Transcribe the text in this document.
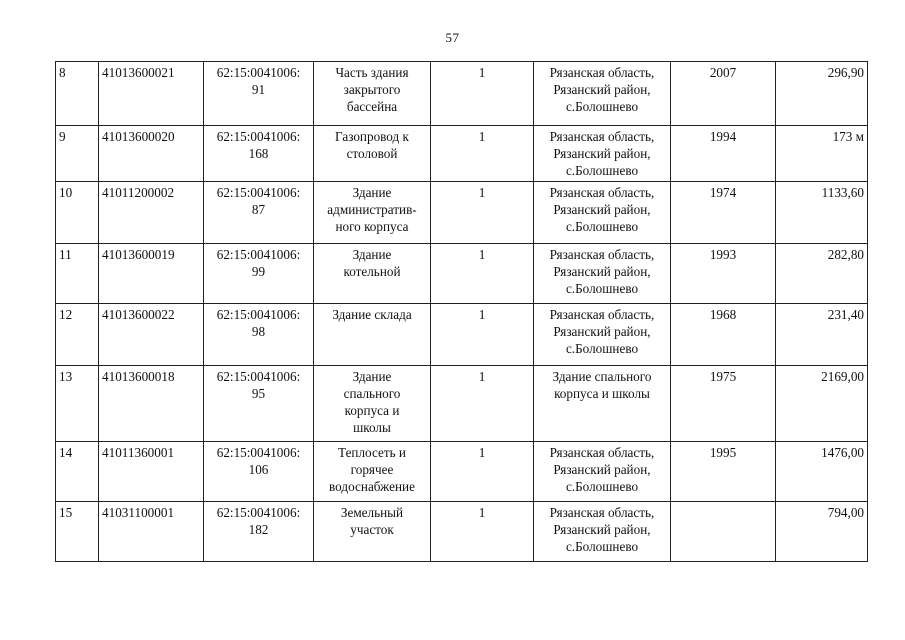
57
8	41013600021	62:15:0041006:
91	Часть здания
закрытого
бассейна	1	Рязанская область,
Рязанский район,
с.Болошнево	2007	296,90
9	41013600020	62:15:0041006:
168	Газопровод к
столовой	1	Рязанская область,
Рязанский район,
с.Болошнево	1994	173 м
10	41011200002	62:15:0041006:
87	Здание
административ-
ного корпуса	1	Рязанская область,
Рязанский район,
с.Болошнево	1974	1133,60
11	41013600019	62:15:0041006:
99	Здание
котельной	1	Рязанская область,
Рязанский район,
с.Болошнево	1993	282,80
12	41013600022	62:15:0041006:
98	Здание склада	1	Рязанская область,
Рязанский район,
с.Болошнево	1968	231,40
13	41013600018	62:15:0041006:
95	Здание
спального
корпуса и
школы	1	Здание спального
корпуса и школы	1975	2169,00
14	41011360001	62:15:0041006:
106	Теплосеть и
горячее
водоснабжение	1	Рязанская область,
Рязанский район,
с.Болошнево	1995	1476,00
15	41031100001	62:15:0041006:
182	Земельный
участок	1	Рязанская область,
Рязанский район,
с.Болошнево		794,00
